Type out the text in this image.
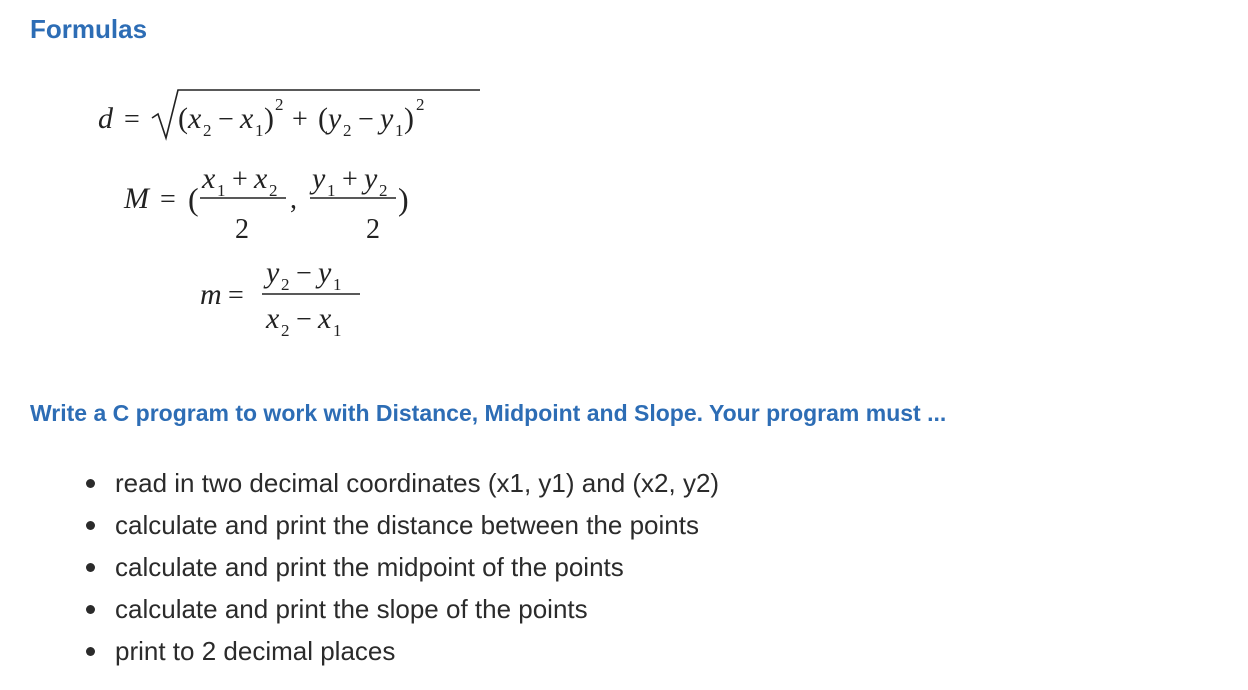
Formulas
d = ( x 2 − x 1 ) 2 + ( y 2 − y 1 ) 2
M = (
x 1 + x 2
2
,
y 1 + y 2
2
)
m =
y 2 − y 1
x 2 − x 1
Write a C program to work with Distance, Midpoint and Slope. Your program must ...
read in two decimal coordinates (x1, y1) and (x2, y2)
calculate and print the distance between the points
calculate and print the midpoint of the points
calculate and print the slope of the points
print to 2 decimal places
